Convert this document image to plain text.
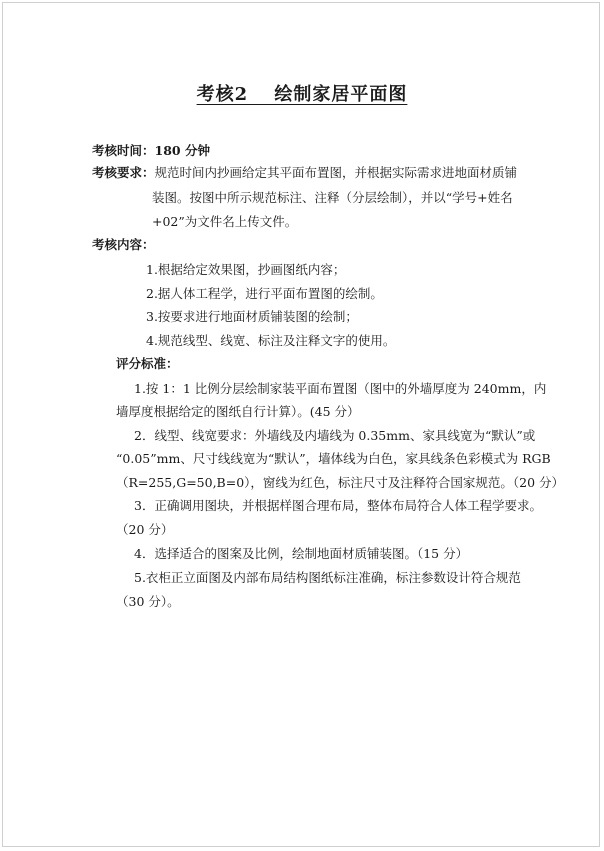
考核2　 绘制家居平面图
考核时间：180 分钟
考核要求：规范时间内抄画给定其平面布置图，并根据实际需求进地面材质铺
装图。按图中所示规范标注、注释（分层绘制），并以“学号+姓名
+02”为文件名上传文件。
考核内容：
1.根据给定效果图，抄画图纸内容；
2.据人体工程学，进行平面布置图的绘制。
3.按要求进行地面材质铺装图的绘制；
4.规范线型、线宽、标注及注释文字的使用。
评分标准：
1.按 1：1 比例分层绘制家装平面布置图（图中的外墙厚度为 240mm，内
墙厚度根据给定的图纸自行计算）。(45 分）
2．线型、线宽要求：外墙线及内墙线为 0.35mm、家具线宽为“默认”或
“0.05”mm、尺寸线线宽为“默认”，墙体线为白色，家具线条色彩模式为 RGB
（R=255,G=50,B=0），窗线为红色，标注尺寸及注释符合国家规范。（20 分）
3．正确调用图块，并根据样图合理布局，整体布局符合人体工程学要求。
（20 分）
4．选择适合的图案及比例，绘制地面材质铺装图。（15 分）
5.衣柜正立面图及内部布局结构图纸标注准确，标注参数设计符合规范
（30 分）。
